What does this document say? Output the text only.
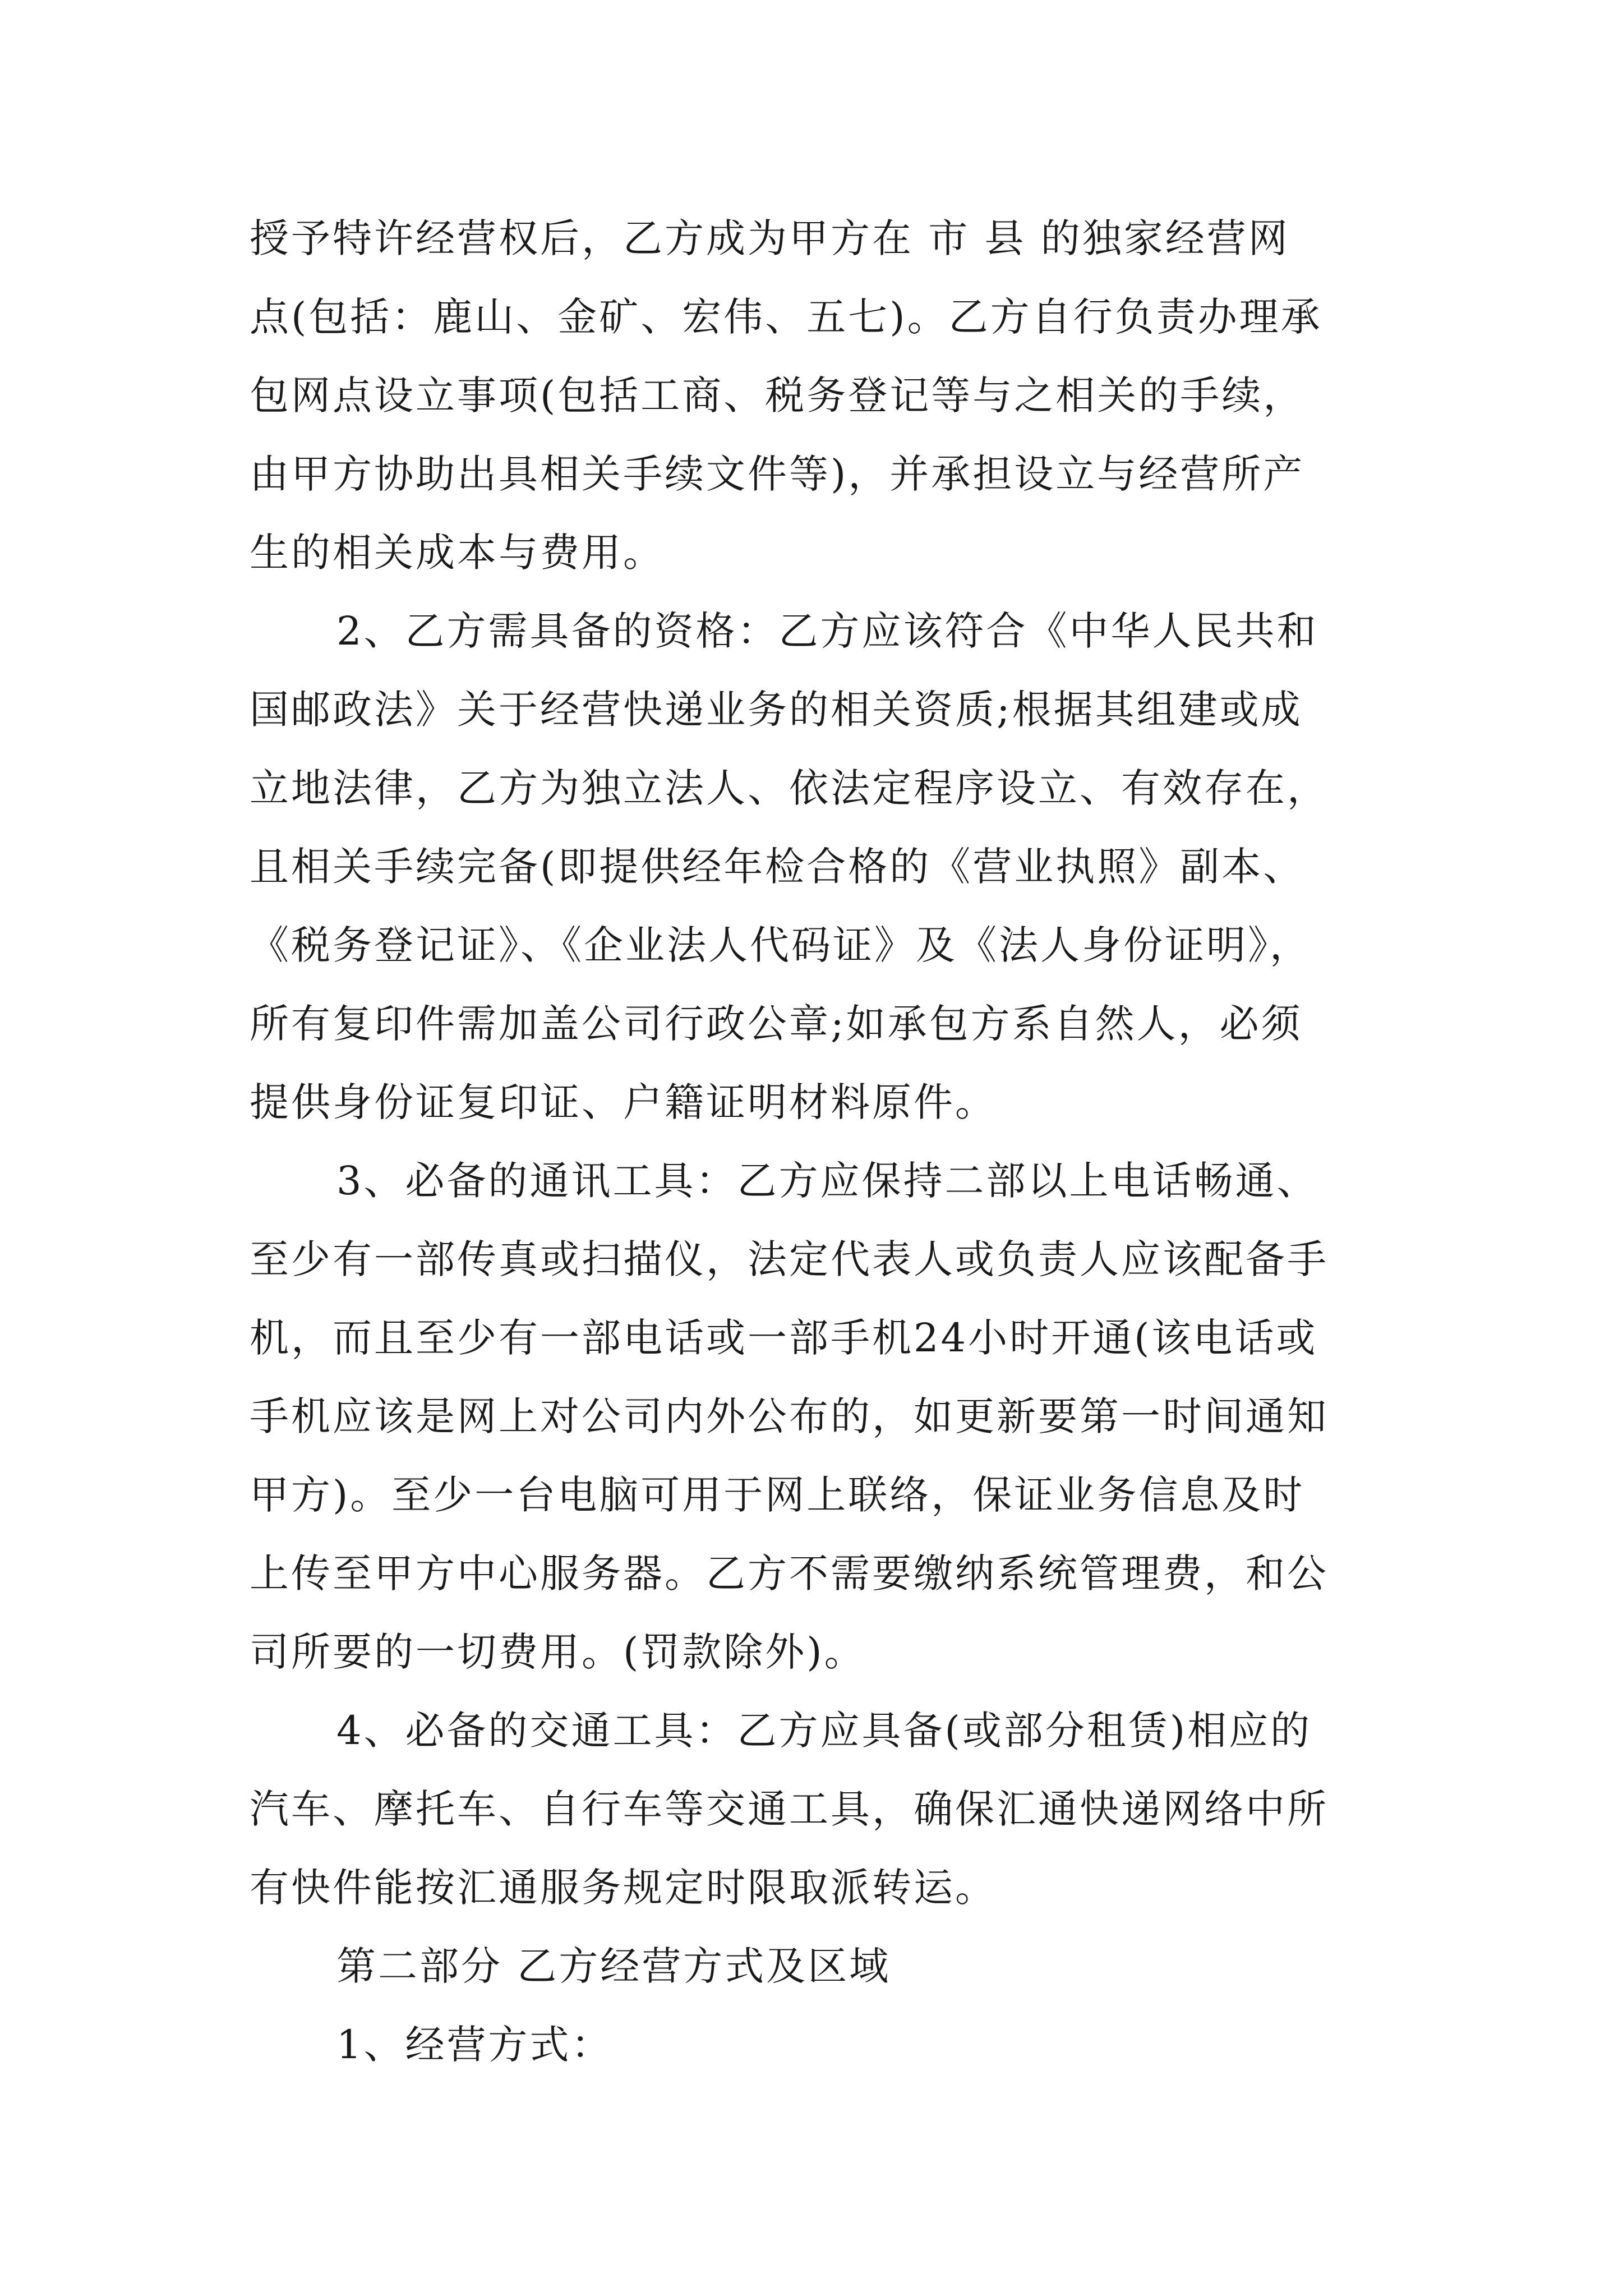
授予特许经营权后，乙方成为甲方在 市 县 的独家经营网

点(包括：鹿山、金矿、宏伟、五七)。乙方自行负责办理承

包网点设立事项(包括工商、税务登记等与之相关的手续，

由甲方协助出具相关手续文件等)，并承担设立与经营所产

生的相关成本与费用。

2、乙方需具备的资格：乙方应该符合《中华人民共和

国邮政法》关于经营快递业务的相关资质;根据其组建或成

立地法律，乙方为独立法人、依法定程序设立、有效存在，

且相关手续完备(即提供经年检合格的《营业执照》副本、

《税务登记证》、《企业法人代码证》及《法人身份证明》，

所有复印件需加盖公司行政公章;如承包方系自然人，必须

提供身份证复印证、户籍证明材料原件。

3、必备的通讯工具：乙方应保持二部以上电话畅通、

至少有一部传真或扫描仪，法定代表人或负责人应该配备手

机，而且至少有一部电话或一部手机24小时开通(该电话或

手机应该是网上对公司内外公布的，如更新要第一时间通知

甲方)。至少一台电脑可用于网上联络，保证业务信息及时

上传至甲方中心服务器。乙方不需要缴纳系统管理费，和公

司所要的一切费用。(罚款除外)。

4、必备的交通工具：乙方应具备(或部分租赁)相应的

汽车、摩托车、自行车等交通工具，确保汇通快递网络中所

有快件能按汇通服务规定时限取派转运。

第二部分 乙方经营方式及区域

1、经营方式：
